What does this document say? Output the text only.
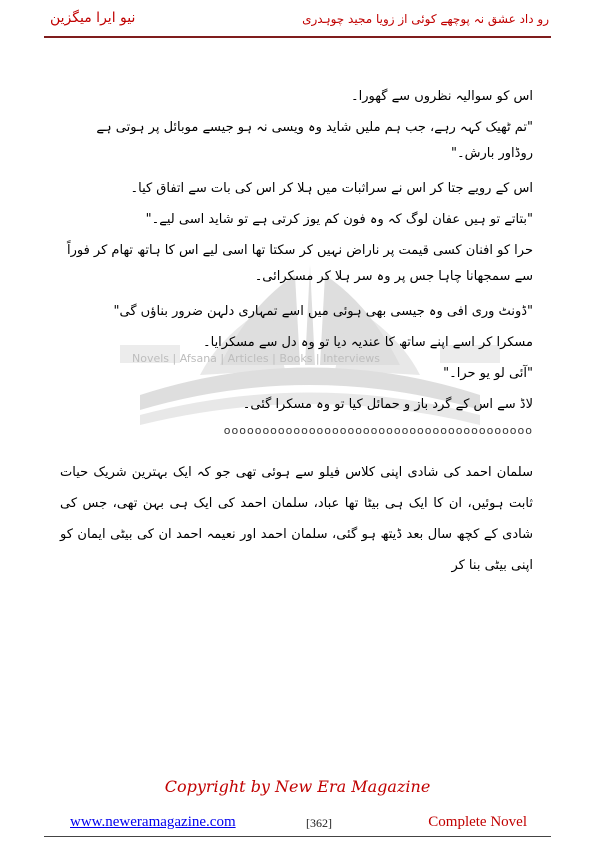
نیو ایرا میگزین	رو داد عشق نہ پوچھے کوئی از زویا مجید چوہدری
Novels | Afsana | Articles | Books | Interviews

اس کو سوالیہ نظروں سے گھورا۔

"تم ٹھیک کہہ رہے، جب ہم ملیں شاید وہ ویسی نہ ہو جیسے موبائل پر ہوتی ہے روڈاور بارش۔"

اس کے رویے جتا کر اس نے سراثبات میں ہلا کر اس کی بات سے اتفاق کیا۔

"بتاتے تو ہیں عفان لوگ کہ وہ فون کم یوز کرتی ہے تو شاید اسی لیے۔"

حرا کو افنان کسی قیمت پر ناراض نہیں کر سکتا تھا اسی لیے اس کا ہاتھ تھام کر فوراً سے سمجھانا چاہا جس پر وہ سر ہلا کر مسکرائی۔

"ڈونٹ وری افی وہ جیسی بھی ہوئی میں اسے تمہاری دلہن ضرور بناؤں گی"

مسکرا کر اسے اپنے ساتھ کا عندیہ دیا تو وہ دل سے مسکرایا۔

"آئی لو یو حرا۔"

لاڈ سے اس کے گرد باز و حمائل کیا تو وہ مسکرا گئی۔

oooooooooooooooooooooooooooooooooooooooo

سلمان احمد کی شادی اپنی کلاس فیلو سے ہوئی تھی جو کہ ایک بہترین شریک حیات ثابت ہوئیں، ان کا ایک ہی بیٹا تھا عباد، سلمان احمد کی ایک ہی بہن تھی، جس کی شادی کے کچھ سال بعد ڈیتھ ہو گئی، سلمان احمد اور نعیمہ احمد ان کی بیٹی ایمان کو اپنی بیٹی بنا کر

Copyright by New Era Magazine
www.neweramagazine.com	[362]	Complete Novel
